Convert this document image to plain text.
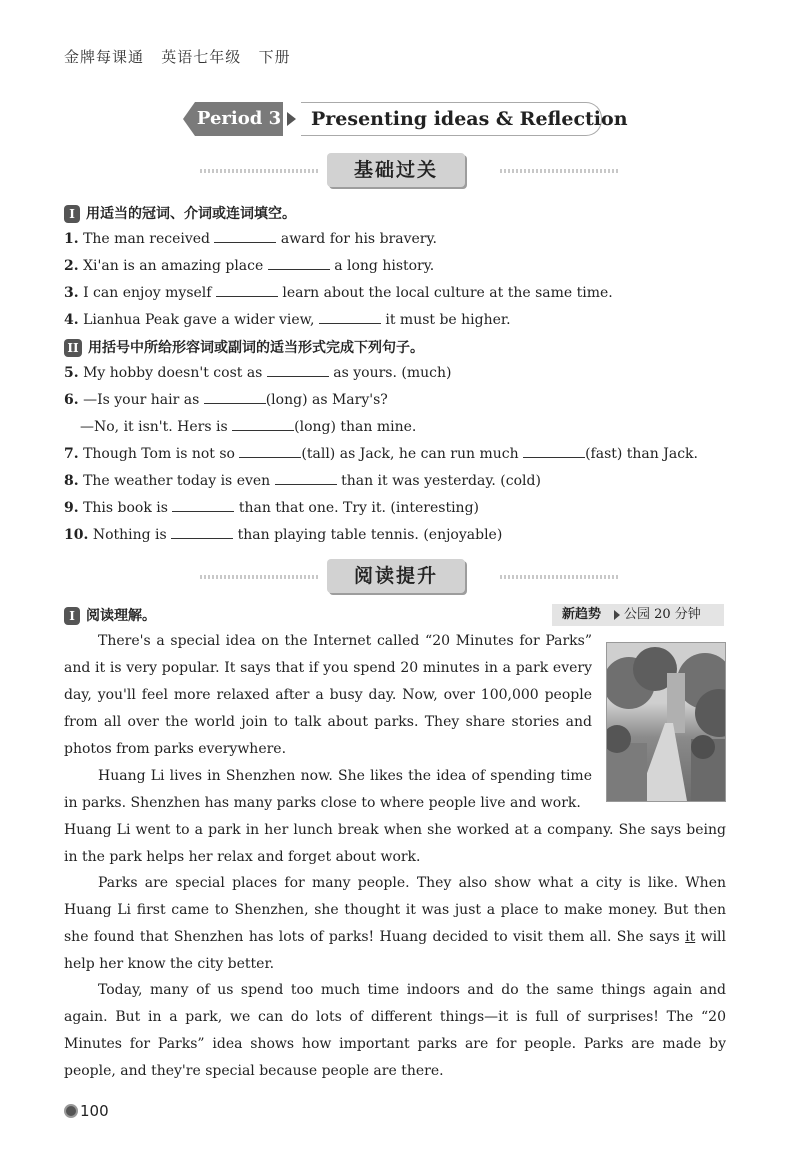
金牌每课通   英语七年级   下册
Period 3 Presenting ideas & Reflection
基础过关
I 用适当的冠词、介词或连词填空。
1. The man received	award for his bravery.
2. Xi'an is an amazing place	a long history.
3. I can enjoy myself	learn about the local culture at the same time.
4. Lianhua Peak gave a wider view,	it must be higher.
II 用括号中所给形容词或副词的适当形式完成下列句子。
5. My hobby doesn't cost as	as yours. (much)
6. —Is your hair as	(long) as Mary's?
—No, it isn't. Hers is	(long) than mine.
7. Though Tom is not so	(tall) as Jack, he can run much	(fast) than Jack.
8. The weather today is even	than it was yesterday. (cold)
9. This book is	than that one. Try it. (interesting)
10. Nothing is	than playing table tennis. (enjoyable)
阅读提升
I 阅读理解。	新趋势 公园 20 分钟

There's a special idea on the Internet called “20 Minutes for Parks” and it is very popular. It says that if you spend 20 minutes in a park every day, you'll feel more relaxed after a busy day. Now, over 100,000 people from all over the world join to talk about parks. They share stories and photos from parks everywhere.

Huang Li lives in Shenzhen now. She likes the idea of spending time in parks. Shenzhen has many parks close to where people live and work.

Huang Li went to a park in her lunch break when she worked at a company. She says being in the park helps her relax and forget about work.

Parks are special places for many people. They also show what a city is like. When Huang Li first came to Shenzhen, she thought it was just a place to make money. But then she found that Shenzhen has lots of parks! Huang decided to visit them all. She says it will help her know the city better.

Today, many of us spend too much time indoors and do the same things again and again. But in a park, we can do lots of different things—it is full of surprises! The “20 Minutes for Parks” idea shows how important parks are for people. Parks are made by people, and they're special because people are there.

100
